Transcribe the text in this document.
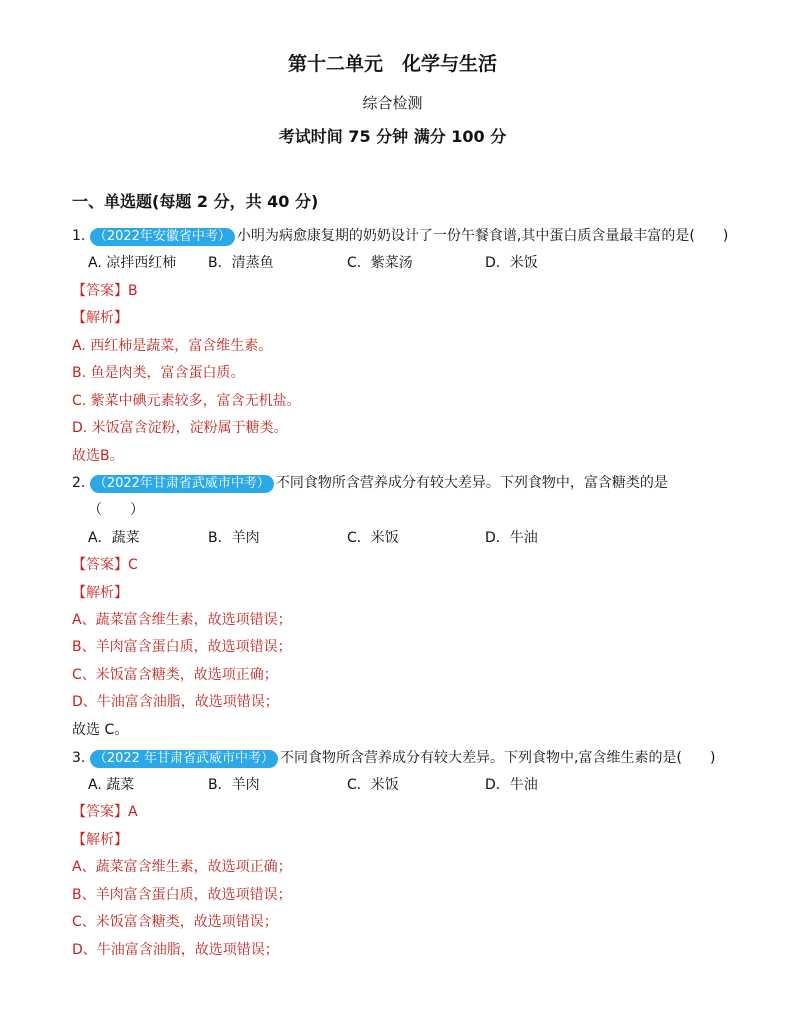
第十二单元　化学与生活
综合检测
考试时间 75 分钟 满分 100 分
一、单选题(每题 2 分，共 40 分)
1. （2022年安徽省中考） 小明为病愈康复期的奶奶设计了一份午餐食谱,其中蛋白质含量最丰富的是(　　)
A. 凉拌西红柿 B．清蒸鱼	C．紫菜汤	D．米饭
【答案】B
【解析】
A. 西红柿是蔬菜，富含维生素。
B. 鱼是肉类，富含蛋白质。
C. 紫菜中碘元素较多，富含无机盐。
D. 米饭富含淀粉，淀粉属于糖类。
故选B。
2. （2022年甘肃省武威市中考） 不同食物所含营养成分有较大差异。下列食物中，富含糖类的是
（　　）
A．蔬菜	B．羊肉	C．米饭	D．牛油
【答案】C
【解析】
A、蔬菜富含维生素，故选项错误；
B、羊肉富含蛋白质，故选项错误；
C、米饭富含糖类，故选项正确；
D、牛油富含油脂，故选项错误；
故选 C。
3. （2022 年甘肃省武威市中考） 不同食物所含营养成分有较大差异。下列食物中,富含维生素的是(　　)
A. 蔬菜	B．羊肉	C．米饭	D．牛油
【答案】A
【解析】
A、蔬菜富含维生素，故选项正确；
B、羊肉富含蛋白质，故选项错误；
C、米饭富含糖类，故选项错误；
D、牛油富含油脂，故选项错误；
